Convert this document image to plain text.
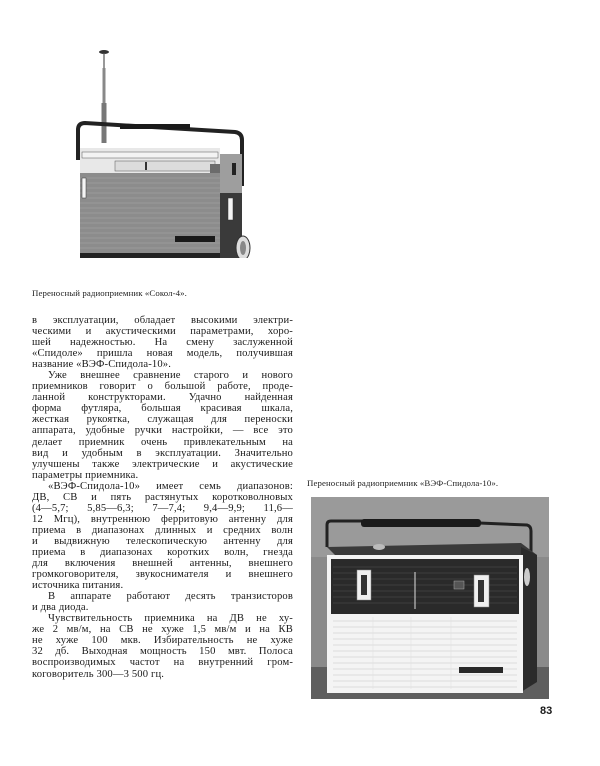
Переносный радиоприемник «Сокол-4».
Переносный радиоприемник «ВЭФ-Спидола-10».

в эксплуатации, обладает высокими электри-
ческими и акустическими параметрами, хоро-
шей надежностью. На смену заслуженной
«Спидоле» пришла новая модель, получившая
название «ВЭФ-Спидола-10».

Уже внешнее сравнение старого и нового
приемников говорит о большой работе, проде-
ланной конструкторами. Удачно найденная
форма футляра, большая красивая шкала,
жесткая рукоятка, служащая для переноски
аппарата, удобные ручки настройки, — все это
делает приемник очень привлекательным на
вид и удобным в эксплуатации. Значительно
улучшены также электрические и акустические
параметры приемника.

«ВЭФ-Спидола-10» имеет семь диапазонов:
ДВ, СВ и пять растянутых коротковолновых
(4—5,7; 5,85—6,3; 7—7,4; 9,4—9,9; 11,6—
12 Мгц), внутреннюю ферритовую антенну для
приема в диапазонах длинных и средних волн
и выдвижную телескопическую антенну для
приема в диапазонах коротких волн, гнезда
для включения внешней антенны, внешнего
громкоговорителя, звукоснимателя и внешнего
источника питания.

В аппарате работают десять транзисторов
и два диода.

Чувствительность приемника на ДВ не ху-
же 2 мв/м, на СВ не хуже 1,5 мв/м и на КВ
не хуже 100 мкв. Избирательность не хуже
32 дб. Выходная мощность 150 мвт. Полоса
воспроизводимых частот на внутренний гром-
коговоритель 300—3 500 гц.

83
